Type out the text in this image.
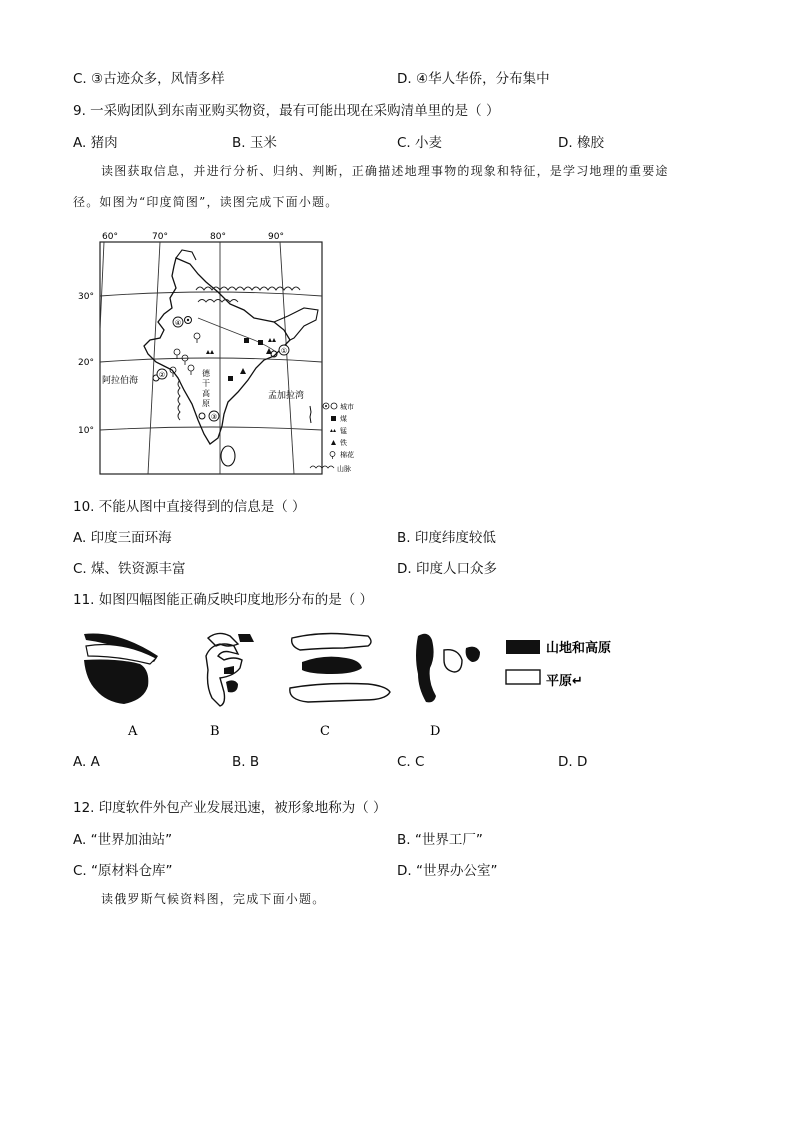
C. ③古迹众多，风情多样	D. ④华人华侨，分布集中
9. 一采购团队到东南亚购买物资，最有可能出现在采购清单里的是（ ）
A. 猪肉	B. 玉米	C. 小麦	D. 橡胶
读图获取信息，并进行分析、归纳、判断，正确描述地理事物的现象和特征，是学习地理的重要途
径。如图为“印度简图”，读图完成下面小题。
④
①
②
③
60°	70°	80°	90°
30°
20°
10°
阿拉伯海
德
干
高
原
孟加拉湾
城市
煤
锰
铁
棉花
山脉
10. 不能从图中直接得到的信息是（ ）
A. 印度三面环海	B. 印度纬度较低
C. 煤、铁资源丰富	D. 印度人口众多
11. 如图四幅图能正确反映印度地形分布的是（ ）
山地和高原
平原↵
A	B	C	D
A. A	B. B	C. C	D. D
12. 印度软件外包产业发展迅速，被形象地称为（ ）
A. “世界加油站”	B. “世界工厂”
C. “原材料仓库”	D. “世界办公室”
读俄罗斯气候资料图，完成下面小题。
